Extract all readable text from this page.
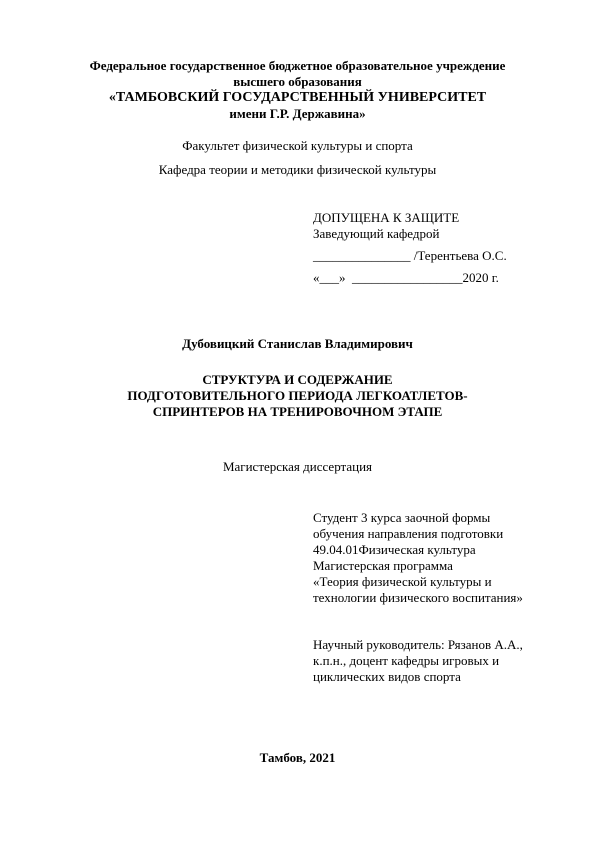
Федеральное государственное бюджетное образовательное учреждение
высшего образования
«ТАМБОВСКИЙ ГОСУДАРСТВЕННЫЙ УНИВЕРСИТЕТ
имени Г.Р. Державина»
Факультет физической культуры и спорта
Кафедра теории и методики физической культуры
ДОПУЩЕНА К ЗАЩИТЕ
Заведующий кафедрой
_______________ /Терентьева О.С.
«___»  _________________2020 г.
Дубовицкий Станислав Владимирович
СТРУКТУРА И СОДЕРЖАНИЕ
ПОДГОТОВИТЕЛЬНОГО ПЕРИОДА ЛЕГКОАТЛЕТОВ-
СПРИНТЕРОВ НА ТРЕНИРОВОЧНОМ ЭТАПЕ
Магистерская диссертация
Студент 3 курса заочной формы
обучения направления подготовки
49.04.01Физическая культура
Магистерская программа
«Теория физической культуры и
технологии физического воспитания»
Научный руководитель: Рязанов А.А.,
к.п.н., доцент кафедры игровых и
циклических видов спорта
Тамбов, 2021
